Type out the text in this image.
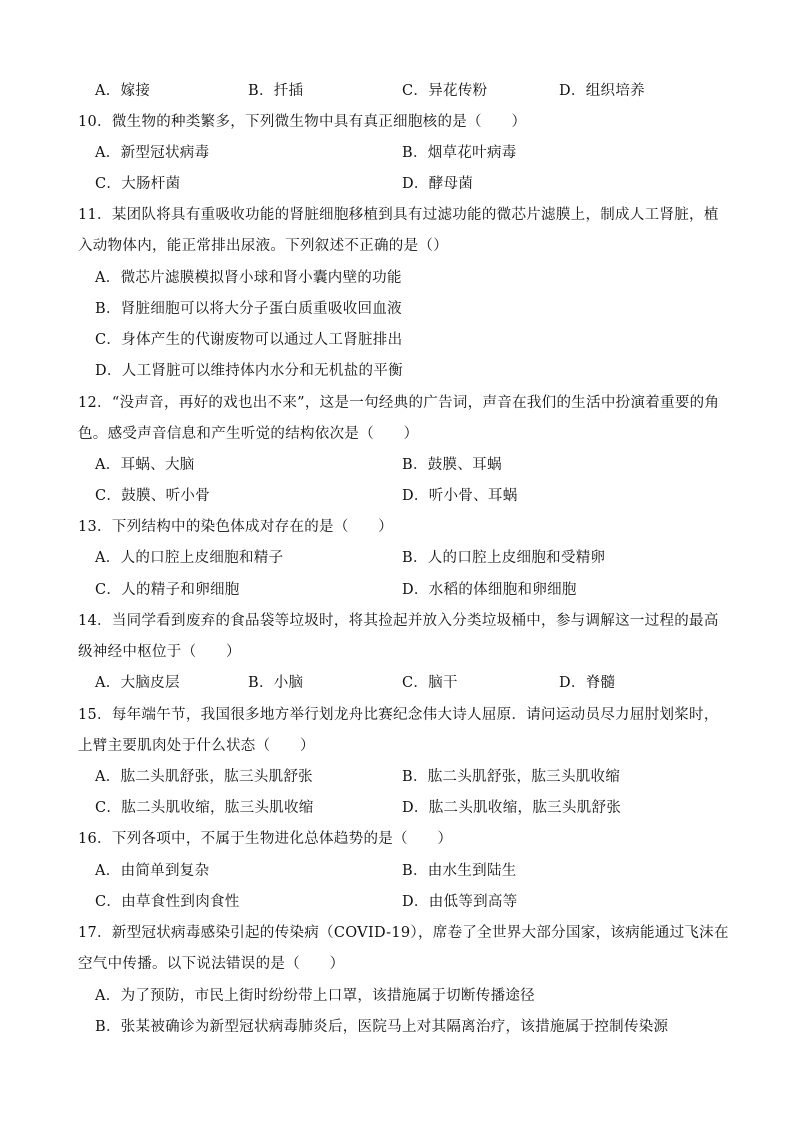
A．嫁接	B．扦插	C．异花传粉	D．组织培养
10．微生物的种类繁多，下列微生物中具有真正细胞核的是（　　）
A．新型冠状病毒	B．烟草花叶病毒
C．大肠杆菌	D．酵母菌
11．某团队将具有重吸收功能的肾脏细胞移植到具有过滤功能的微芯片滤膜上，制成人工肾脏，植
入动物体内，能正常排出尿液。下列叙述不正确的是（）
A．微芯片滤膜模拟肾小球和肾小囊内壁的功能
B．肾脏细胞可以将大分子蛋白质重吸收回血液
C．身体产生的代谢废物可以通过人工肾脏排出
D．人工肾脏可以维持体内水分和无机盐的平衡
12．“没声音，再好的戏也出不来”，这是一句经典的广告词，声音在我们的生活中扮演着重要的角
色。感受声音信息和产生听觉的结构依次是（　　）
A．耳蜗、大脑	B．鼓膜、耳蜗
C．鼓膜、听小骨	D．听小骨、耳蜗
13．下列结构中的染色体成对存在的是（　　）
A．人的口腔上皮细胞和精子	B．人的口腔上皮细胞和受精卵
C．人的精子和卵细胞	D．水稻的体细胞和卵细胞
14．当同学看到废弃的食品袋等垃圾时，将其捡起并放入分类垃圾桶中，参与调解这一过程的最高
级神经中枢位于（　　）
A．大脑皮层	B．小脑	C．脑干	D．脊髓
15．每年端午节，我国很多地方举行划龙舟比赛纪念伟大诗人屈原．请问运动员尽力屈肘划桨时，
上臂主要肌肉处于什么状态（　　）
A．肱二头肌舒张，肱三头肌舒张	B．肱二头肌舒张，肱三头肌收缩
C．肱二头肌收缩，肱三头肌收缩	D．肱二头肌收缩，肱三头肌舒张
16．下列各项中，不属于生物进化总体趋势的是（　　）
A．由简单到复杂	B．由水生到陆生
C．由草食性到肉食性	D．由低等到高等
17．新型冠状病毒感染引起的传染病（COVID-19），席卷了全世界大部分国家，该病能通过飞沫在
空气中传播。以下说法错误的是（　　）
A．为了预防，市民上街时纷纷带上口罩，该措施属于切断传播途径
B．张某被确诊为新型冠状病毒肺炎后，医院马上对其隔离治疗，该措施属于控制传染源
